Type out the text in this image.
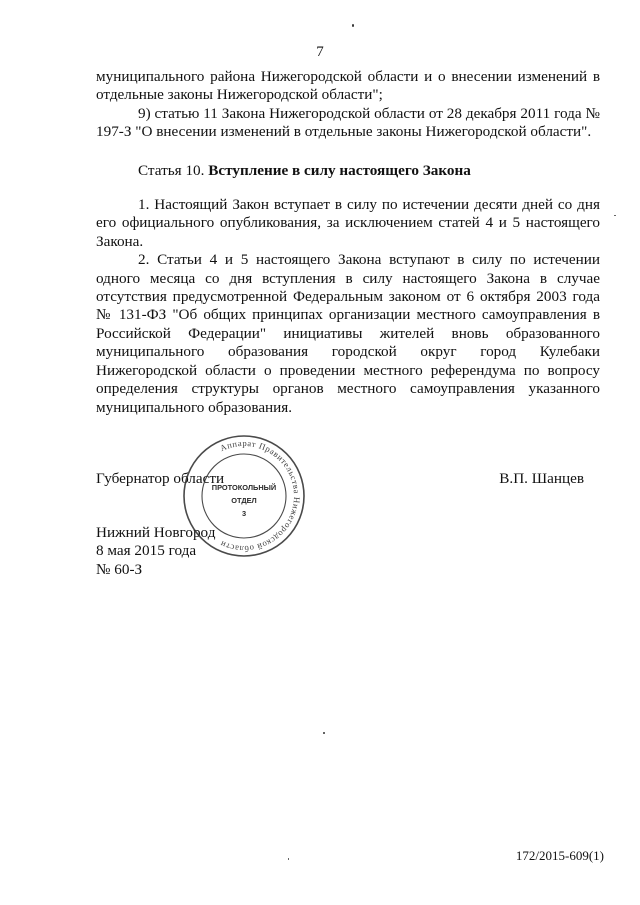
7

муниципального района Нижегородской области и о внесении изменений в отдельные законы Нижегородской области";

9) статью 11 Закона Нижегородской области от 28 декабря 2011 года № 197-З "О внесении изменений в отдельные законы Нижегородской области".

Статья 10. Вступление в силу настоящего Закона

1. Настоящий Закон вступает в силу по истечении десяти дней со дня его официального опубликования, за исключением статей 4 и 5 настоящего Закона.

2. Статьи 4 и 5 настоящего Закона вступают в силу по истечении одного месяца со дня вступления в силу настоящего Закона в случае отсутствия предусмотренной Федеральным законом от 6 октября 2003 года № 131-ФЗ "Об общих принципах организации местного самоуправления в Российской Федерации" инициативы жителей вновь образованного муниципального образования городской округ город Кулебаки Нижегородской области о проведении местного референдума по вопросу определения структуры органов местного самоуправления указанного муниципального образования.

Губернатор области	В.П. Шанцев
Нижний Новгород
8 мая 2015 года
№ 60-З
Аппарат Правительства Нижегородской области
ПРОТОКОЛЬНЫЙ
ОТДЕЛ
3
172/2015-609(1)
